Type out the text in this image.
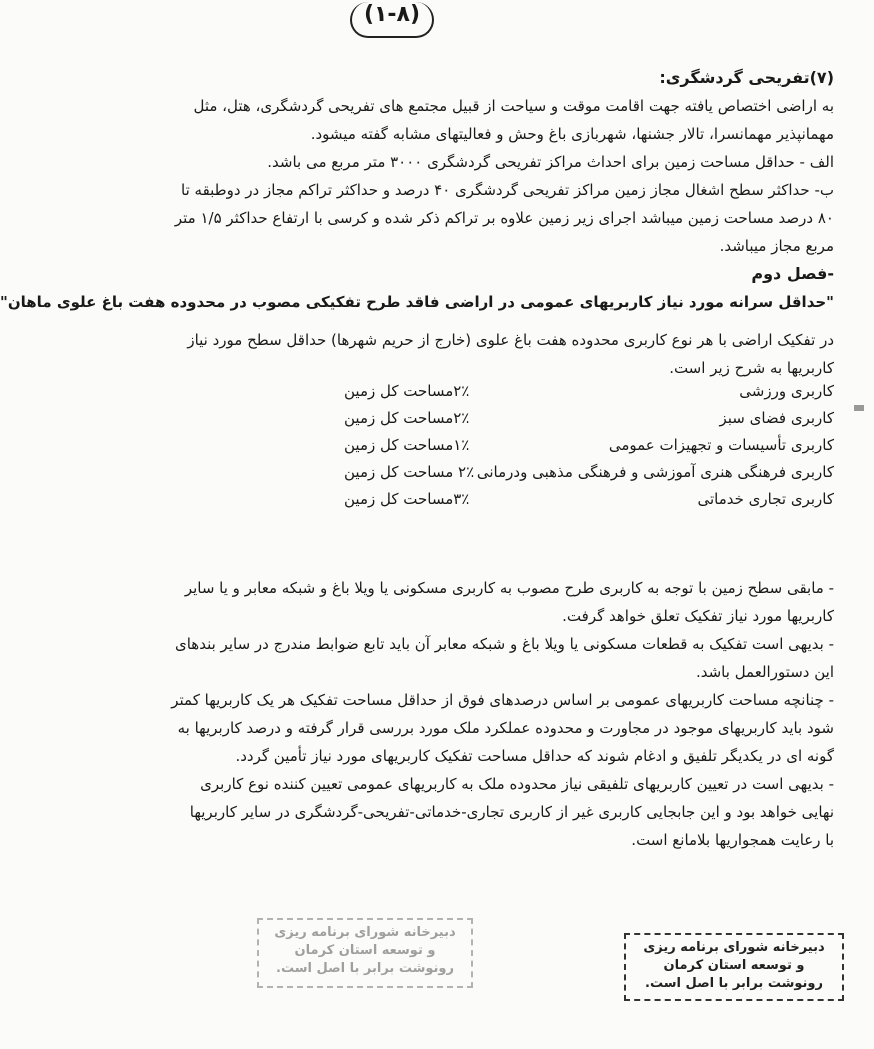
(۱-۸)
(۷)تفریحی گردشگری:
به اراضی اختصاص یافته جهت اقامت موقت و سیاحت از قبیل مجتمع های تفریحی گردشگری، هتل، مثل
مهمانپذیر مهمانسرا، تالار جشنها، شهربازی باغ وحش و فعالیتهای مشابه گفته میشود.
الف - حداقل مساحت زمین برای احداث مراکز تفریحی گردشگری ۳۰۰۰ متر مربع می باشد.
ب- حداکثر سطح اشغال مجاز زمین مراکز تفریحی گردشگری ۴۰ درصد و حداکثر تراکم مجاز در دوطبقه تا
۸۰ درصد مساحت زمین میباشد اجرای زیر زمین علاوه بر تراکم ذکر شده و کرسی با ارتفاع حداکثر ۱/۵ متر
مربع مجاز میباشد.
-فصل دوم
"حداقل سرانه مورد نیاز کاربریهای عمومی در اراضی فاقد طرح تفکیکی مصوب در محدوده هفت باغ علوی ماهان"
در تفکیک اراضی با هر نوع کاربری محدوده هفت باغ علوی (خارج از حریم شهرها) حداقل سطح مورد نیاز
کاربریها به شرح زیر است.
کاربری ورزشی
۲٪مساحت کل زمین
کاربری فضای سبز
۲٪مساحت کل زمین
کاربری تأسیسات و تجهیزات عمومی
۱٪مساحت کل زمین
کاربری فرهنگی هنری آموزشی و فرهنگی مذهبی ودرمانی
۲٪ مساحت کل زمین
کاربری تجاری خدماتی
۳٪مساحت کل زمین
- مابقی سطح زمین با توجه به کاربری طرح مصوب به کاربری مسکونی یا ویلا باغ و شبکه معابر و یا سایر
کاربریها مورد نیاز تفکیک تعلق خواهد گرفت.
- بدیهی است تفکیک به قطعات مسکونی یا ویلا باغ و شبکه معابر آن باید تابع ضوابط مندرج در سایر بندهای
این دستورالعمل باشد.
- چنانچه مساحت کاربریهای عمومی بر اساس درصدهای فوق از حداقل مساحت تفکیک هر یک کاربریها کمتر
شود باید کاربریهای موجود در مجاورت و محدوده عملکرد ملک مورد بررسی قرار گرفته و درصد کاربریها به
گونه ای در یکدیگر تلفیق و ادغام شوند که حداقل مساحت تفکیک کاربریهای مورد نیاز تأمین گردد.
- بدیهی است در تعیین کاربریهای تلفیقی نیاز محدوده ملک به کاربریهای عمومی تعیین کننده نوع کاربری
نهایی خواهد بود و این جابجایی کاربری غیر از کاربری تجاری-خدماتی-تفریحی-گردشگری در سایر کاربریها
با رعایت همجواریها بلامانع است.
دبیرخانه شورای برنامه ریزی
و توسعه استان کرمان
رونوشت برابر با اصل است.
دبیرخانه شورای برنامه ریزی
و توسعه استان کرمان
رونوشت برابر با اصل است.
